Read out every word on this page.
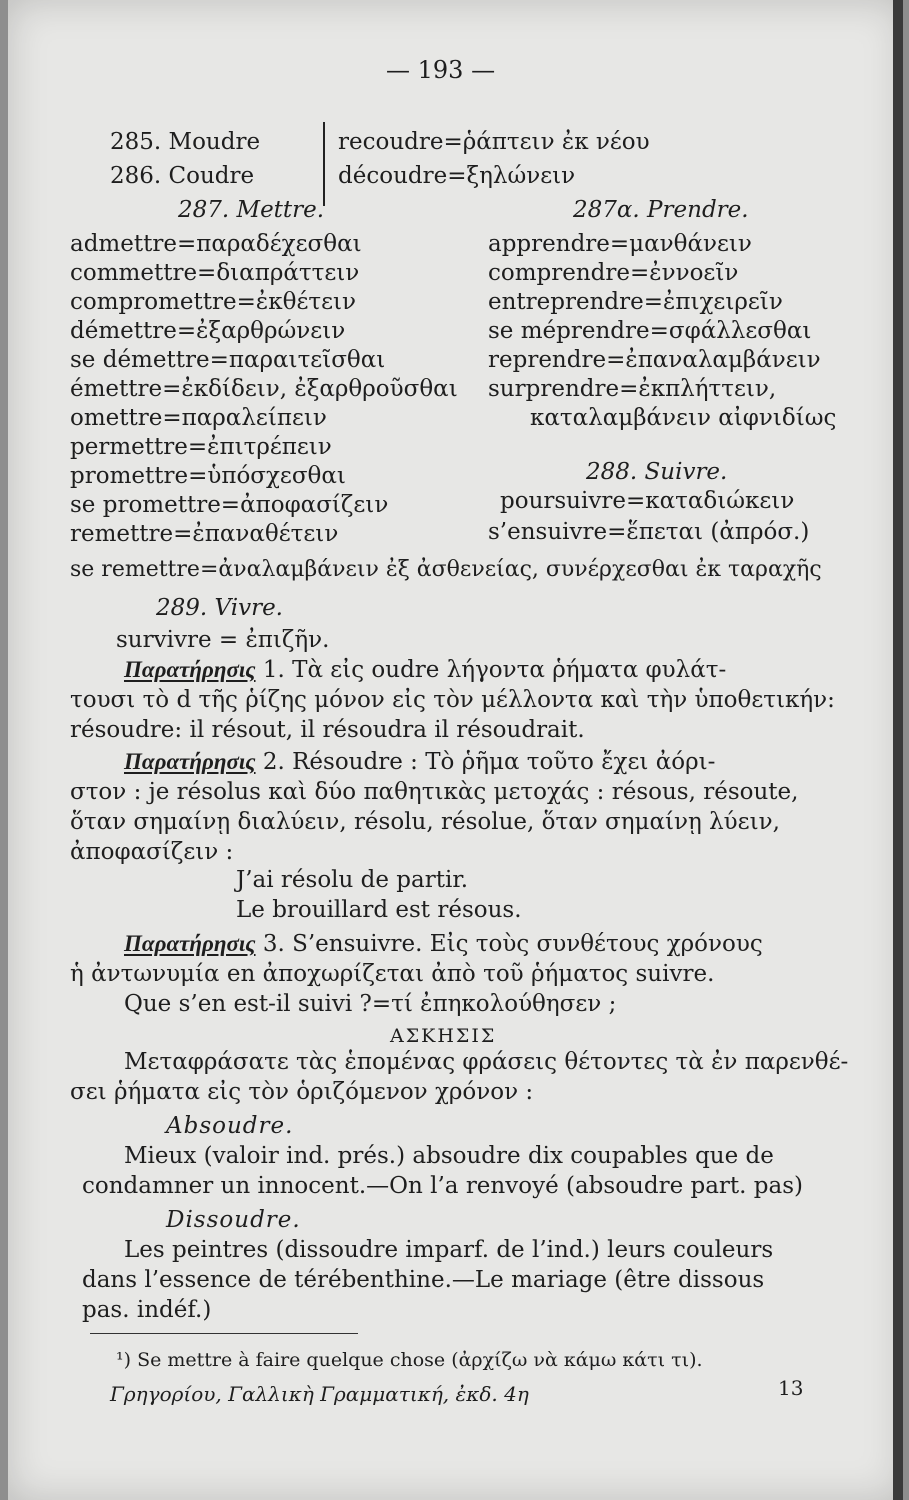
— 193 —
285. Moudre
286. Coudre
recoudre=ῥάπτειν ἐκ νέου
découdre=ξηλώνειν
287. Mettre.	287α. Prendre.
admettre=παραδέχεσθαι
commettre=διαπράττειν
compromettre=ἐκθέτειν
démettre=ἐξαρθρώνειν
se démettre=παραιτεῖσθαι
émettre=ἐκδίδειν, ἐξαρθροῦσθαι
omettre=παραλείπειν
permettre=ἐπιτρέπειν
promettre=ὑπόσχεσθαι
se promettre=ἀποφασίζειν
remettre=ἐπαναθέτειν
apprendre=μανθάνειν
comprendre=ἐννοεῖν
entreprendre=ἐπιχειρεῖν
se méprendre=σφάλλεσθαι
reprendre=ἐπαναλαμβάνειν
surprendre=ἐκπλήττειν,
καταλαμβάνειν αἰφνιδίως
288. Suivre.
poursuivre=καταδιώκειν
s’ensuivre=ἕπεται (ἀπρόσ.)
se remettre=ἀναλαμβάνειν ἐξ ἀσθενείας, συνέρχεσθαι ἐκ ταραχῆς
289. Vivre.
survivre = ἐπιζῆν.
Παρατήρησις 1. Τὰ εἰς oudre λήγοντα ῥήματα φυλάτ-
τουσι τὸ d τῆς ῥίζης μόνον εἰς τὸν μέλλοντα καὶ τὴν ὑποθετικήν:
résoudre: il résout, il résoudra il résoudrait.
Παρατήρησις 2. Résoudre : Τὸ ῥῆμα τοῦτο ἔχει ἀόρι-
στον : je résolus καὶ δύο παθητικὰς μετοχάς : résous, résoute,
ὅταν σημαίνῃ διαλύειν, résolu, résolue, ὅταν σημαίνῃ λύειν,
ἀποφασίζειν :
J’ai résolu de partir.
Le brouillard est résous.
Παρατήρησις 3. S’ensuivre. Εἰς τοὺς συνθέτους χρόνους
ἡ ἀντωνυμία en ἀποχωρίζεται ἀπὸ τοῦ ῥήματος suivre.
Que s’en est-il suivi ?=τί ἐπηκολούθησεν ;
ΑΣΚΗΣΙΣ
Μεταφράσατε τὰς ἑπομένας φράσεις θέτοντες τὰ ἐν παρενθέ-
σει ῥήματα εἰς τὸν ὁριζόμενον χρόνον :
Absoudre.
Mieux (valoir ind. prés.) absoudre dix coupables que de
condamner un innocent.—On l’a renvoyé (absoudre part. pas)
Dissoudre.
Les peintres (dissoudre imparf. de l’ind.) leurs couleurs
dans l’essence de térébenthine.—Le mariage (être dissous
pas. indéf.)
¹) Se mettre à faire quelque chose (ἀρχίζω νὰ κάμω κάτι τι).
Γρηγορίου, Γαλλικὴ Γραμματική, ἐκδ. 4η	13
